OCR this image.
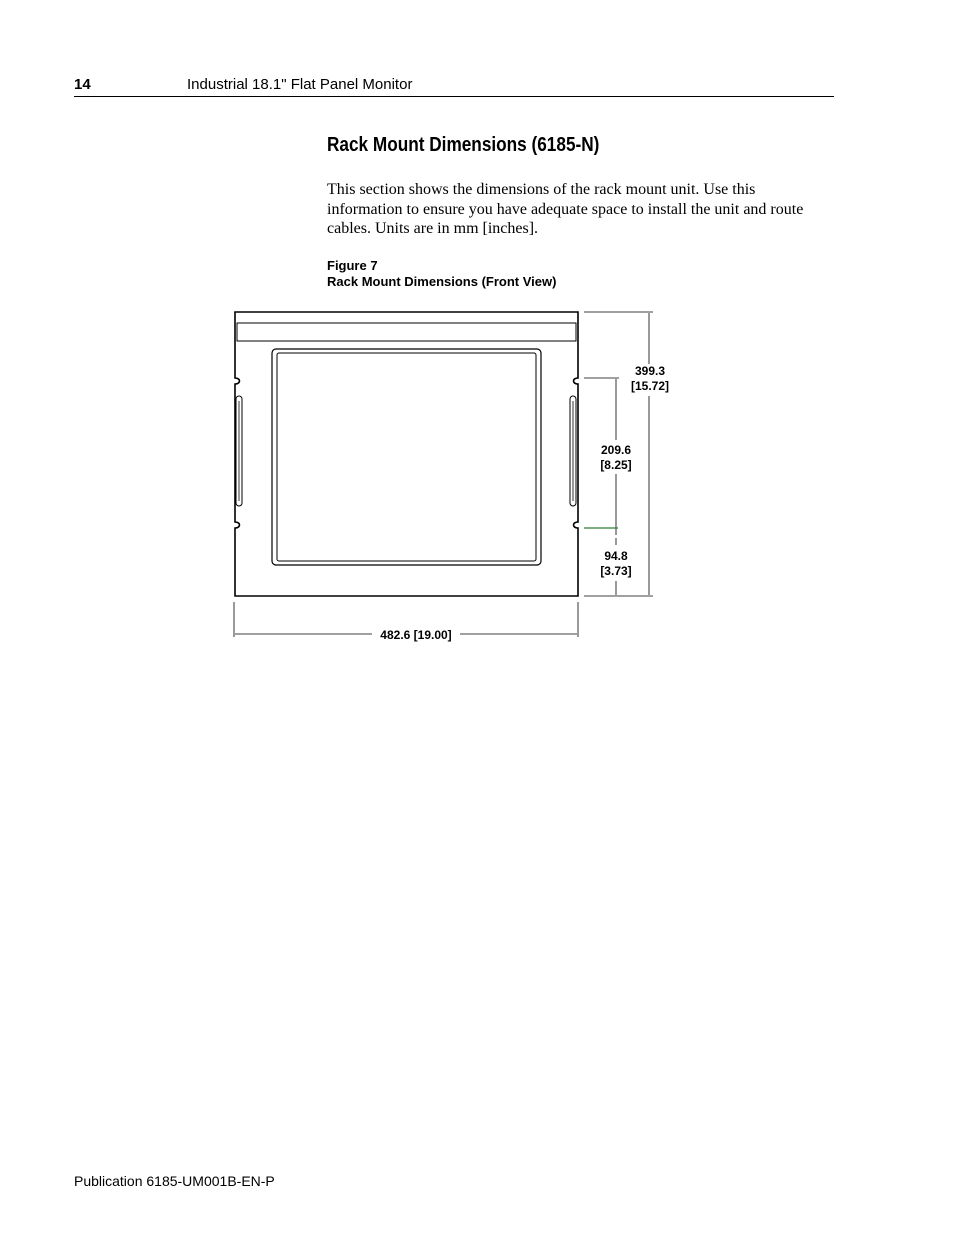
14	Industrial 18.1" Flat Panel Monitor
Rack Mount Dimensions (6185-N)

This section shows the dimensions of the rack mount unit. Use this information to ensure you have adequate space to install the unit and route cables. Units are in mm [inches].

Figure 7
Rack Mount Dimensions (Front View)
399.3
[15.72]
209.6
[8.25]
94.8
[3.73]
482.6 [19.00]
Publication 6185-UM001B-EN-P
